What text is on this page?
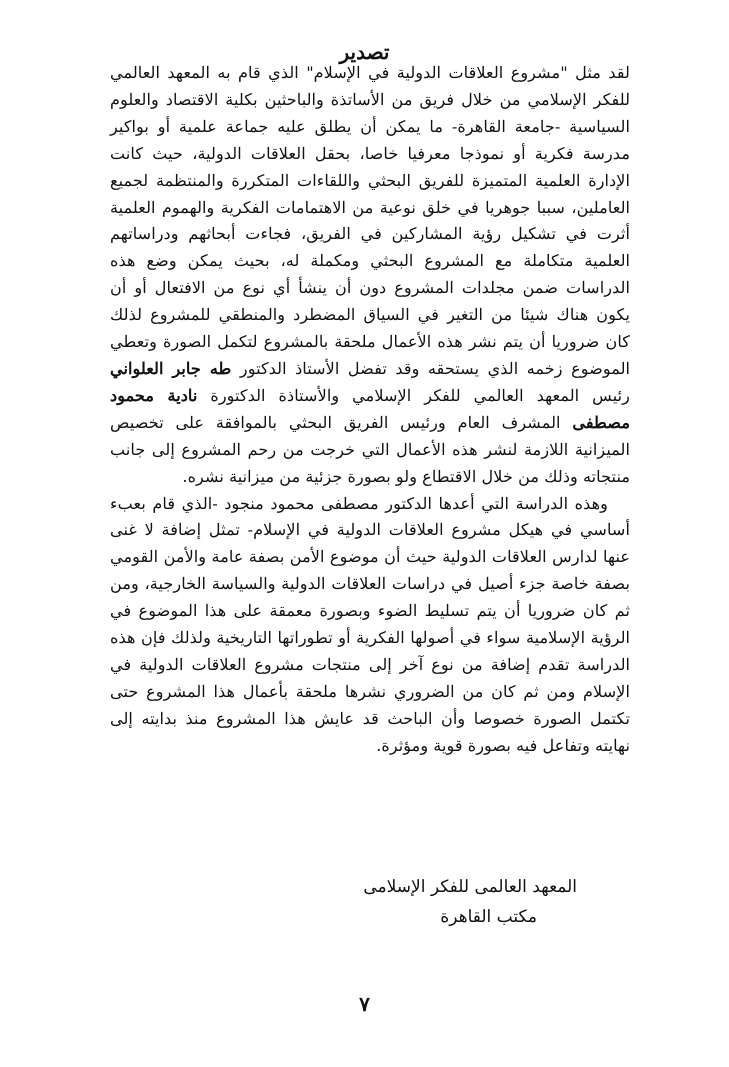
تصدير

لقد مثل "مشروع العلاقات الدولية في الإسلام" الذي قام به المعهد العالمي للفكر الإسلامي من خلال فريق من الأساتذة والباحثين بكلية الاقتصاد والعلوم السياسية -جامعة القاهرة- ما يمكن أن يطلق عليه جماعة علمية أو بواكير مدرسة فكرية أو نموذجا معرفيا خاصا، بحقل العلاقات الدولية، حيث كانت الإدارة العلمية المتميزة للفريق البحثي واللقاءات المتكررة والمنتظمة لجميع العاملين، سببا جوهريا في خلق نوعية من الاهتمامات الفكرية والهموم العلمية أثرت في تشكيل رؤية المشاركين في الفريق، فجاءت أبحاثهم ودراساتهم العلمية متكاملة مع المشروع البحثي ومكملة له، بحيث يمكن وضع هذه الدراسات ضمن مجلدات المشروع دون أن ينشأ أي نوع من الافتعال أو أن يكون هناك شيئا من التغير في السياق المضطرد والمنطقي للمشروع لذلك كان ضروريا أن يتم نشر هذه الأعمال ملحقة بالمشروع لتكمل الصورة وتعطي الموضوع زخمه الذي يستحقه وقد تفضل الأستاذ الدكتور طه جابر العلواني رئيس المعهد العالمي للفكر الإسلامي والأستاذة الدكتورة نادية محمود مصطفى المشرف العام ورئيس الفريق البحثي بالموافقة على تخصيص الميزانية اللازمة لنشر هذه الأعمال التي خرجت من رحم المشروع إلى جانب منتجاته وذلك من خلال الاقتطاع ولو بصورة جزئية من ميزانية نشره.

وهذه الدراسة التي أعدها الدكتور مصطفى محمود منجود -الذي قام بعبء أساسي في هيكل مشروع العلاقات الدولية في الإسلام- تمثل إضافة لا غنى عنها لدارس العلاقات الدولية حيث أن موضوع الأمن بصفة عامة والأمن القومي بصفة خاصة جزء أصيل في دراسات العلاقات الدولية والسياسة الخارجية، ومن ثم كان ضروريا أن يتم تسليط الضوء وبصورة معمقة على هذا الموضوع في الرؤية الإسلامية سواء في أصولها الفكرية أو تطوراتها التاريخية ولذلك فإن هذه الدراسة تقدم إضافة من نوع آخر إلى منتجات مشروع العلاقات الدولية في الإسلام ومن ثم كان من الضروري نشرها ملحقة بأعمال هذا المشروع حتى تكتمل الصورة خصوصا وأن الباحث قد عايش هذا المشروع منذ بدايته إلى نهايته وتفاعل فيه بصورة قوية ومؤثرة.

المعهد العالمى للفكر الإسلامى
مكتب القاهرة
٧
